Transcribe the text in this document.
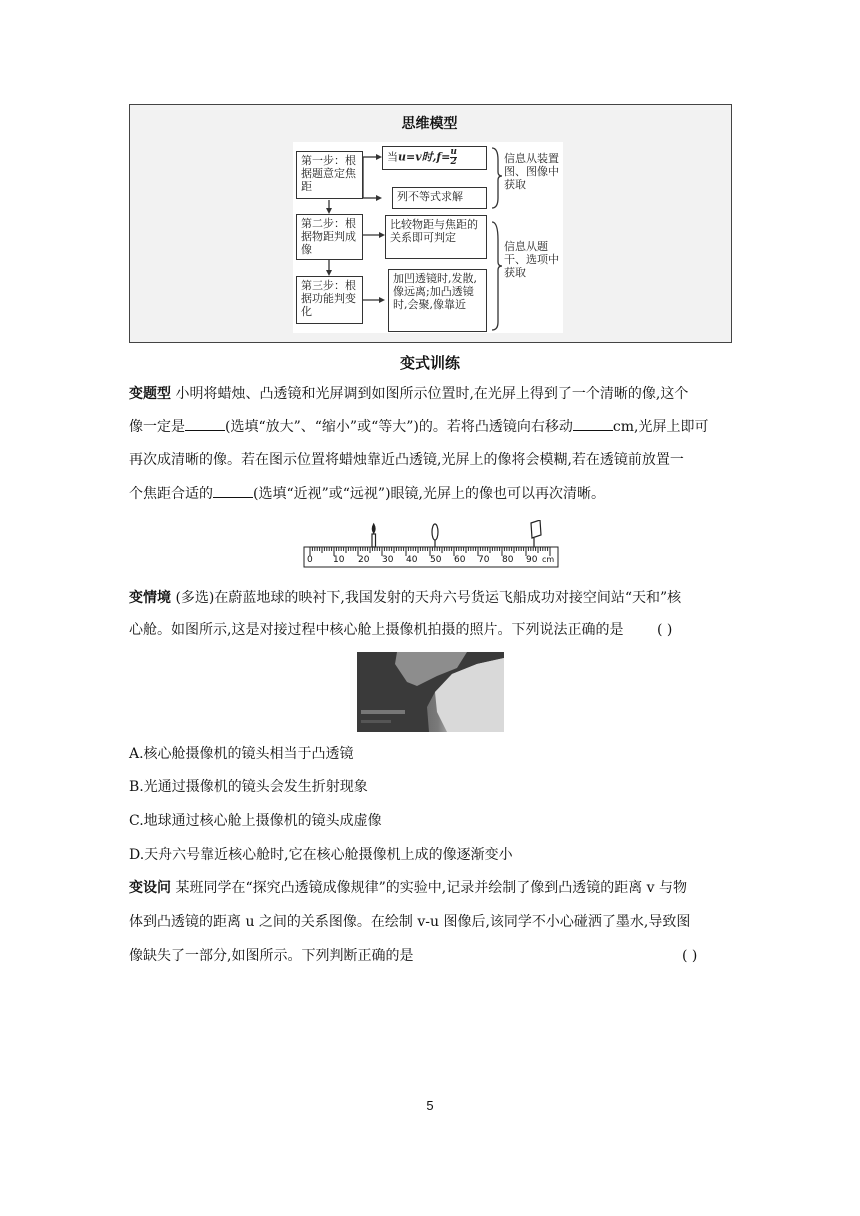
思维模型
第一步：根据题意定焦距
当u=v时$,f= \frac{u}{2}$
列不等式求解
信息从装置图、图像中获取
第二步：根据物距判成像
比较物距与焦距的关系即可判定
信息从题干、选项中获取
第三步：根据功能判变化
加凹透镜时,发散,像远离;加凸透镜时,会聚,像靠近
变式训练
变题型 小明将蜡烛、凸透镜和光屏调到如图所示位置时,在光屏上得到了一个清晰的像,这个
像一定是	(选填“放大”、“缩小”或“等大”)的。若将凸透镜向右移动	cm,光屏上即可
再次成清晰的像。若在图示位置将蜡烛靠近凸透镜,光屏上的像将会模糊,若在透镜前放置一
个焦距合适的	(选填“近视”或“远视”)眼镜,光屏上的像也可以再次清晰。
0 10 20 30 40 50 60 70 80 90 cm
变情境 (多选)在蔚蓝地球的映衬下,我国发射的天舟六号货运飞船成功对接空间站“天和”核
心舱。如图所示,这是对接过程中核心舱上摄像机拍摄的照片。下列说法正确的是 ( )
A.核心舱摄像机的镜头相当于凸透镜
B.光通过摄像机的镜头会发生折射现象
C.地球通过核心舱上摄像机的镜头成虚像
D.天舟六号靠近核心舱时,它在核心舱摄像机上成的像逐渐变小
变设问 某班同学在“探究凸透镜成像规律”的实验中,记录并绘制了像到凸透镜的距离 v 与物
体到凸透镜的距离 u 之间的关系图像。在绘制 v-u 图像后,该同学不小心碰洒了墨水,导致图
像缺失了一部分,如图所示。下列判断正确的是	( )
5
